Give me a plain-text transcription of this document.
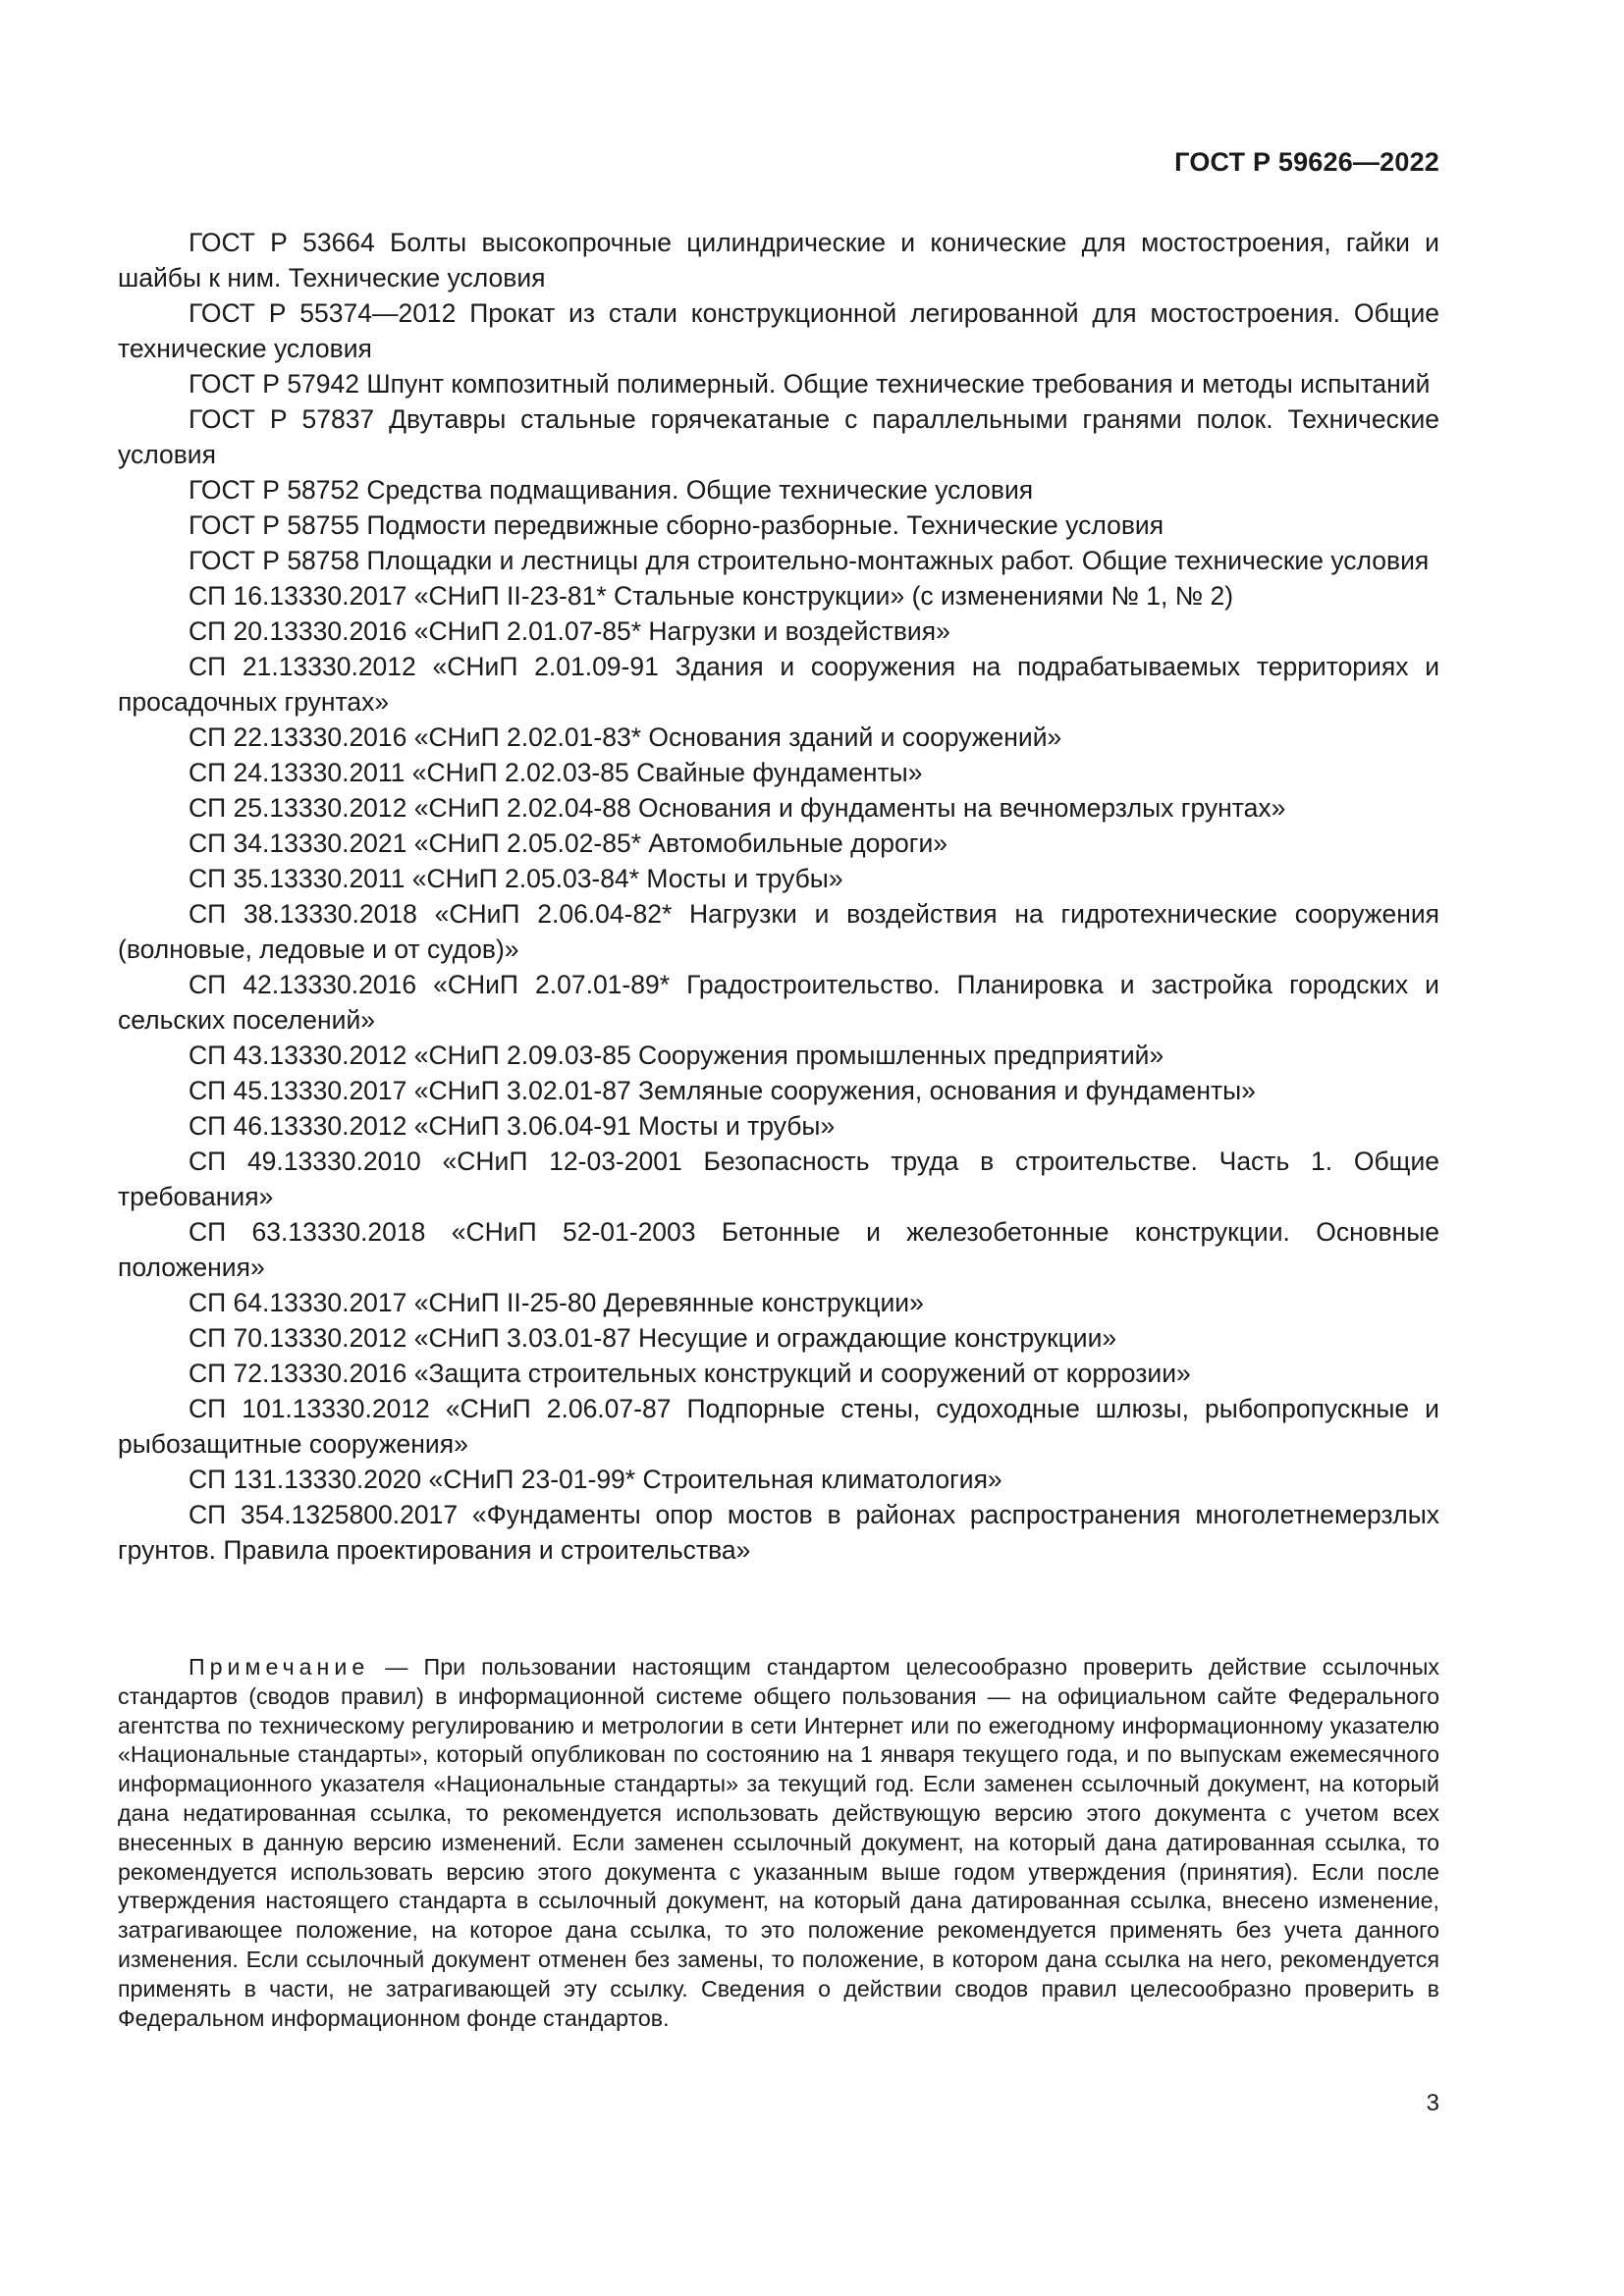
ГОСТ Р 59626—2022

ГОСТ Р 53664 Болты высокопрочные цилиндрические и конические для мостостроения, гайки и шайбы к ним. Технические условия

ГОСТ Р 55374—2012 Прокат из стали конструкционной легированной для мостостроения. Общие технические условия

ГОСТ Р 57942 Шпунт композитный полимерный. Общие технические требования и методы испытаний

ГОСТ Р 57837 Двутавры стальные горячекатаные с параллельными гранями полок. Технические условия

ГОСТ Р 58752 Средства подмащивания. Общие технические условия

ГОСТ Р 58755 Подмости передвижные сборно-разборные. Технические условия

ГОСТ Р 58758 Площадки и лестницы для строительно-монтажных работ. Общие технические условия

СП 16.13330.2017 «СНиП II-23-81* Стальные конструкции» (с изменениями № 1, № 2)

СП 20.13330.2016 «СНиП 2.01.07-85* Нагрузки и воздействия»

СП 21.13330.2012 «СНиП 2.01.09-91 Здания и сооружения на подрабатываемых территориях и просадочных грунтах»

СП 22.13330.2016 «СНиП 2.02.01-83* Основания зданий и сооружений»

СП 24.13330.2011 «СНиП 2.02.03-85 Свайные фундаменты»

СП 25.13330.2012 «СНиП 2.02.04-88 Основания и фундаменты на вечномерзлых грунтах»

СП 34.13330.2021 «СНиП 2.05.02-85* Автомобильные дороги»

СП 35.13330.2011 «СНиП 2.05.03-84* Мосты и трубы»

СП 38.13330.2018 «СНиП 2.06.04-82* Нагрузки и воздействия на гидротехнические сооружения (волновые, ледовые и от судов)»

СП 42.13330.2016 «СНиП 2.07.01-89* Градостроительство. Планировка и застройка городских и сельских поселений»

СП 43.13330.2012 «СНиП 2.09.03-85 Сооружения промышленных предприятий»

СП 45.13330.2017 «СНиП 3.02.01-87 Земляные сооружения, основания и фундаменты»

СП 46.13330.2012 «СНиП 3.06.04-91 Мосты и трубы»

СП 49.13330.2010 «СНиП 12-03-2001 Безопасность труда в строительстве. Часть 1. Общие требования»

СП 63.13330.2018 «СНиП 52-01-2003 Бетонные и железобетонные конструкции. Основные положения»

СП 64.13330.2017 «СНиП II-25-80 Деревянные конструкции»

СП 70.13330.2012 «СНиП 3.03.01-87 Несущие и ограждающие конструкции»

СП 72.13330.2016 «Защита строительных конструкций и сооружений от коррозии»

СП 101.13330.2012 «СНиП 2.06.07-87 Подпорные стены, судоходные шлюзы, рыбопропускные и рыбозащитные сооружения»

СП 131.13330.2020 «СНиП 23-01-99* Строительная климатология»

СП 354.1325800.2017 «Фундаменты опор мостов в районах распространения многолетнемерзлых грунтов. Правила проектирования и строительства»

Примечание — При пользовании настоящим стандартом целесообразно проверить действие ссылочных стандартов (сводов правил) в информационной системе общего пользования — на официальном сайте Федерального агентства по техническому регулированию и метрологии в сети Интернет или по ежегодному информационному указателю «Национальные стандарты», который опубликован по состоянию на 1 января текущего года, и по выпускам ежемесячного информационного указателя «Национальные стандарты» за текущий год. Если заменен ссылочный документ, на который дана недатированная ссылка, то рекомендуется использовать действующую версию этого документа с учетом всех внесенных в данную версию изменений. Если заменен ссылочный документ, на который дана датированная ссылка, то рекомендуется использовать версию этого документа с указанным выше годом утверждения (принятия). Если после утверждения настоящего стандарта в ссылочный документ, на который дана датированная ссылка, внесено изменение, затрагивающее положение, на которое дана ссылка, то это положение рекомендуется применять без учета данного изменения. Если ссылочный документ отменен без замены, то положение, в котором дана ссылка на него, рекомендуется применять в части, не затрагивающей эту ссылку. Сведения о действии сводов правил целесообразно проверить в Федеральном информационном фонде стандартов.

3
